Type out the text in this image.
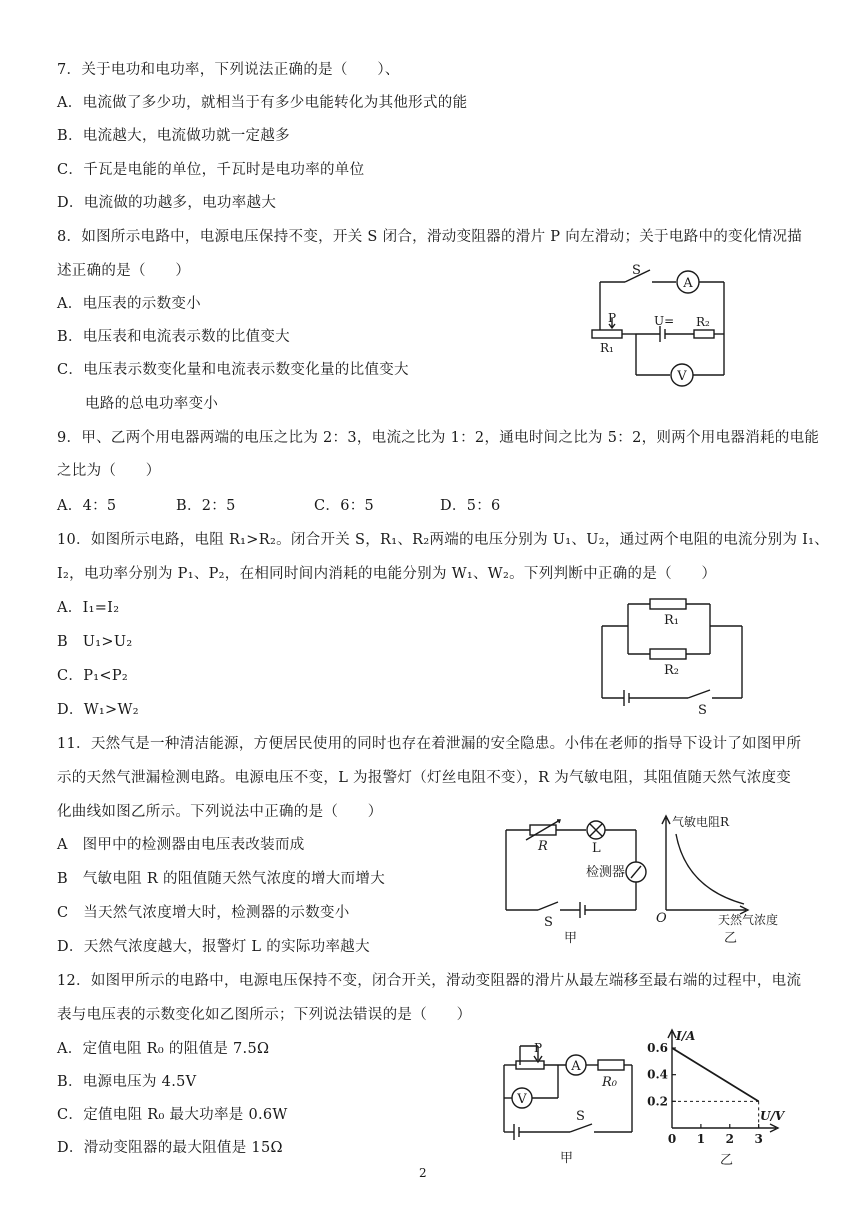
7．关于电功和电功率，下列说法正确的是（　　）、
A．电流做了多少功，就相当于有多少电能转化为其他形式的能
B．电流越大，电流做功就一定越多
C．千瓦是电能的单位，千瓦时是电功率的单位
D．电流做的功越多，电功率越大
8．如图所示电路中，电源电压保持不变，开关 S 闭合，滑动变阻器的滑片 P 向左滑动；关于电路中的变化情况描
述正确的是（　　）
A．电压表的示数变小
B．电压表和电流表示数的比值变大
C．电压表示数变化量和电流表示数变化量的比值变大
电路的总电功率变小
S
A
P	U= R₂
R₁
V
9．甲、乙两个用电器两端的电压之比为 2：3，电流之比为 1：2，通电时间之比为 5：2，则两个用电器消耗的电能
之比为（　　）
A．4：5	B．2：5	C．6：5	D．5：6
10．如图所示电路，电阻 R₁>R₂。闭合开关 S，R₁、R₂两端的电压分别为 U₁、U₂，通过两个电阻的电流分别为 I₁、
I₂，电功率分别为 P₁、P₂，在相同时间内消耗的电能分别为 W₁、W₂。下列判断中正确的是（　　）
A．I₁=I₂
B　U₁>U₂
C．P₁<P₂
D．W₁>W₂
R₁
R₂
S
11．天然气是一种清洁能源，方便居民使用的同时也存在着泄漏的安全隐患。小伟在老师的指导下设计了如图甲所
示的天然气泄漏检测电路。电源电压不变，L 为报警灯（灯丝电阻不变），R 为气敏电阻，其阻值随天然气浓度变
化曲线如图乙所示。下列说法中正确的是（　　）
A　图甲中的检测器由电压表改装而成
B　气敏电阻 R 的阻值随天然气浓度的增大而增大
C　当天然气浓度增大时，检测器的示数变小
D．天然气浓度越大，报警灯 L 的实际功率越大
R	L
检测器
S
甲
气敏电阻R
O	天然气浓度
乙
12．如图甲所示的电路中，电源电压保持不变，闭合开关，滑动变阻器的滑片从最左端移至最右端的过程中，电流
表与电压表的示数变化如乙图所示；下列说法错误的是（　　）
A．定值电阻 R₀ 的阻值是 7.5Ω
B．电源电压为 4.5V
C．定值电阻 R₀ 最大功率是 0.6W
D．滑动变阻器的最大阻值是 15Ω
P
A
R₀
V
S
甲
0 1 2 3
0.2
0.4
0.6
I/A
U/V
乙
2
